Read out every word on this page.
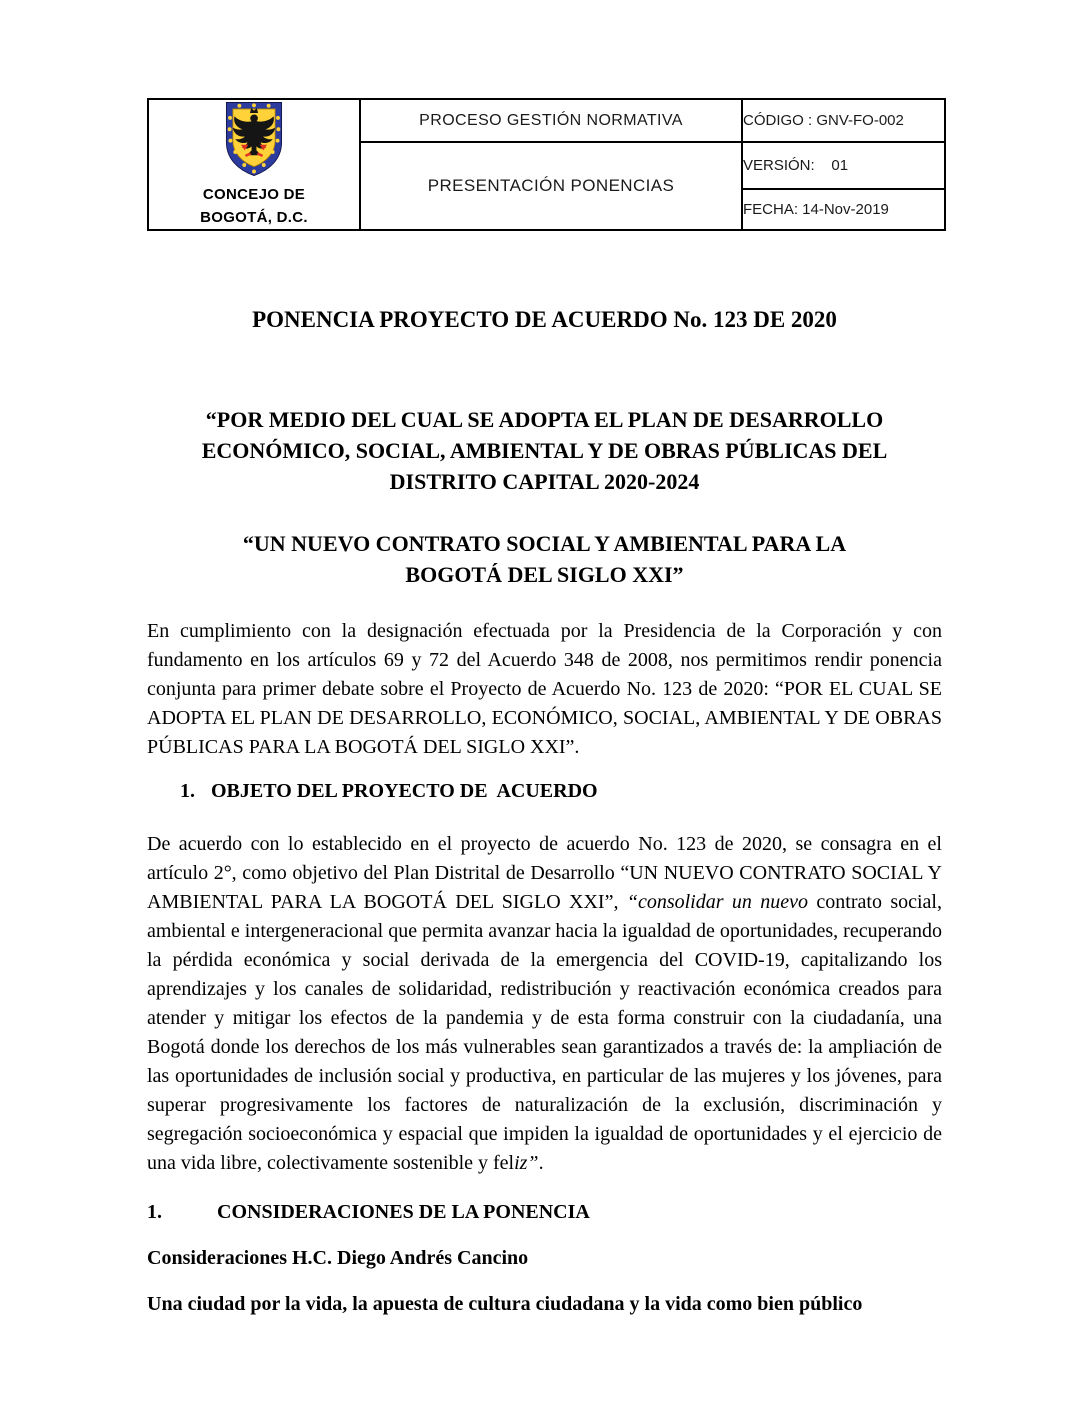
CONCEJO DE
BOGOTÁ, D.C.	PROCESO GESTIÓN NORMATIVA	CÓDIGO : GNV-FO-002
	PRESENTACIÓN PONENCIAS	VERSIÓN:    01
		FECHA: 14-Nov-2019
PONENCIA PROYECTO DE ACUERDO No. 123 DE 2020
“POR MEDIO DEL CUAL SE ADOPTA EL PLAN DE DESARROLLO ECONÓMICO, SOCIAL, AMBIENTAL Y DE OBRAS PÚBLICAS DEL DISTRITO CAPITAL 2020-2024
“UN NUEVO CONTRATO SOCIAL Y AMBIENTAL PARA LA BOGOTÁ DEL SIGLO XXI”

En cumplimiento con la designación efectuada por la Presidencia de la Corporación y con fundamento en los artículos 69 y 72 del Acuerdo 348 de 2008, nos permitimos rendir ponencia conjunta para primer debate sobre el Proyecto de Acuerdo No. 123 de 2020: “POR EL CUAL SE ADOPTA EL PLAN DE DESARROLLO, ECONÓMICO, SOCIAL, AMBIENTAL Y DE OBRAS PÚBLICAS PARA LA BOGOTÁ DEL SIGLO XXI”.

1. OBJETO DEL PROYECTO DE  ACUERDO

De acuerdo con lo establecido en el proyecto de acuerdo No. 123 de 2020, se consagra en el artículo 2°, como objetivo del Plan Distrital de Desarrollo “UN NUEVO CONTRATO SOCIAL Y AMBIENTAL PARA LA BOGOTÁ DEL SIGLO XXI”, “consolidar un nuevo contrato social, ambiental e intergeneracional que permita avanzar hacia la igualdad de oportunidades, recuperando la pérdida económica y social derivada de la emergencia del COVID-19, capitalizando los aprendizajes y los canales de solidaridad, redistribución y reactivación económica creados para atender y mitigar los efectos de la pandemia y de esta forma construir con la ciudadanía, una Bogotá donde los derechos de los más vulnerables sean garantizados a través de: la ampliación de las oportunidades de inclusión social y productiva, en particular de las mujeres y los jóvenes, para superar progresivamente los factores de naturalización de la exclusión, discriminación y segregación socioeconómica y espacial que impiden la igualdad de oportunidades y el ejercicio de una vida libre, colectivamente sostenible y feliz”.

1.	CONSIDERACIONES DE LA PONENCIA

Consideraciones H.C. Diego Andrés Cancino

Una ciudad por la vida, la apuesta de cultura ciudadana y la vida como bien público
